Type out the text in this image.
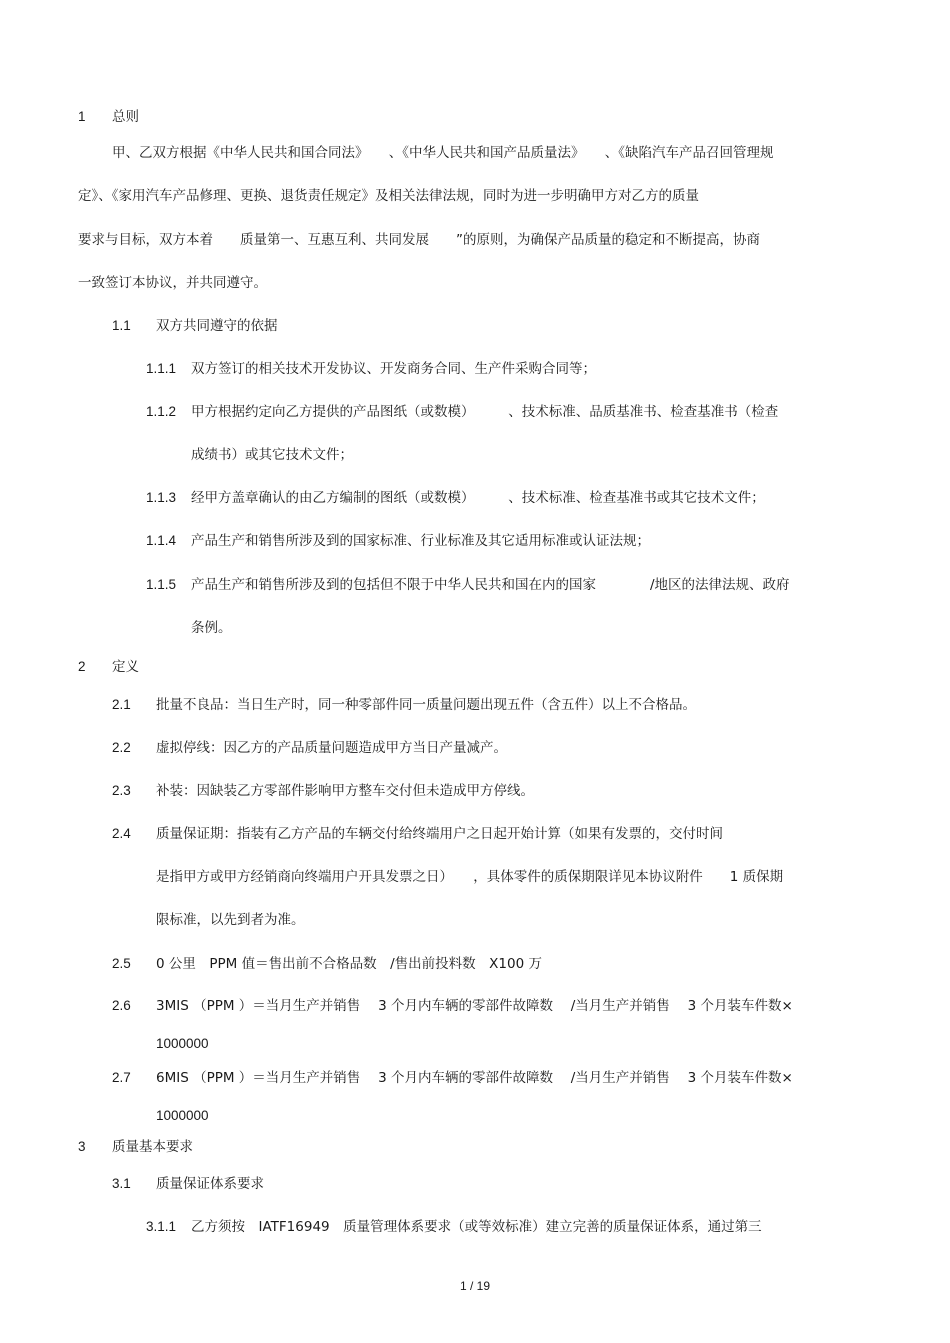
1 总则
甲、乙双方根据《中华人民共和国合同法》　　、《中华人民共和国产品质量法》　　、《缺陷汽车产品召回管理规
定》、《家用汽车产品修理、更换、退货责任规定》及相关法律法规，同时为进一步明确甲方对乙方的质量
要求与目标，双方本着　　质量第一、互惠互利、共同发展　　”的原则，为确保产品质量的稳定和不断提高，协商
一致签订本协议，并共同遵守。
1.1 双方共同遵守的依据
1.1.1 双方签订的相关技术开发协议、开发商务合同、生产件采购合同等；
1.1.2 甲方根据约定向乙方提供的产品图纸（或数模）　　　、技术标准、品质基准书、检查基准书（检查
成绩书）或其它技术文件；
1.1.3 经甲方盖章确认的由乙方编制的图纸（或数模）　　　、技术标准、检查基准书或其它技术文件；
1.1.4 产品生产和销售所涉及到的国家标准、行业标准及其它适用标准或认证法规；
1.1.5 产品生产和销售所涉及到的包括但不限于中华人民共和国在内的国家　　　　/地区的法律法规、政府
条例。
2 定义
2.1 批量不良品：当日生产时，同一种零部件同一质量问题出现五件（含五件）以上不合格品。
2.2 虚拟停线：因乙方的产品质量问题造成甲方当日产量减产。
2.3 补装：因缺装乙方零部件影响甲方整车交付但未造成甲方停线。
2.4 质量保证期：指装有乙方产品的车辆交付给终端用户之日起开始计算（如果有发票的，交付时间
是指甲方或甲方经销商向终端用户开具发票之日）　　，具体零件的质保期限详见本协议附件　　1 质保期
限标准，以先到者为准。
2.5 0 公里　PPM 值＝售出前不合格品数　/售出前投料数　X100 万
2.6 3MIS （PPM ）＝当月生产并销售　 3 个月内车辆的零部件故障数　 /当月生产并销售　 3 个月装车件数×
1000000
2.7 6MIS （PPM ）＝当月生产并销售　 3 个月内车辆的零部件故障数　 /当月生产并销售　 3 个月装车件数×
1000000
3 质量基本要求
3.1 质量保证体系要求
3.1.1 乙方须按　IATF16949　质量管理体系要求（或等效标准）建立完善的质量保证体系，通过第三
1 / 19
